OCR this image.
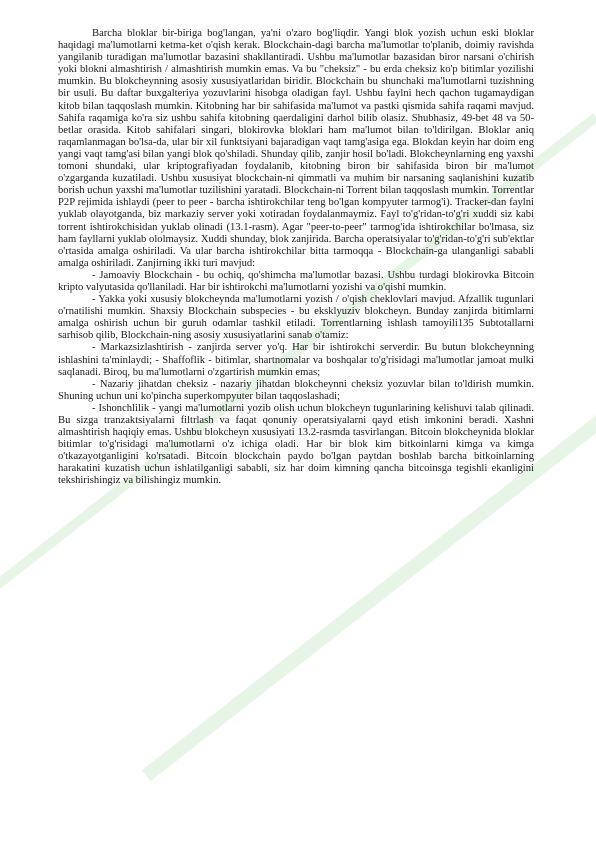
Barcha bloklar bir-biriga bog'langan, ya'ni o'zaro bog'liqdir. Yangi blok yozish uchun eski bloklar haqidagi ma'lumotlarni ketma-ket o'qish kerak. Blockchain-dagi barcha ma'lumotlar to'planib, doimiy ravishda yangilanib turadigan ma'lumotlar bazasini shakllantiradi. Ushbu ma'lumotlar bazasidan biror narsani o'chirish yoki blokni almashtirish / almashtirish mumkin emas. Va bu "cheksiz" - bu erda cheksiz ko'p bitimlar yozilishi mumkin. Bu blokcheynning asosiy xususiyatlaridan biridir. Blockchain bu shunchaki ma'lumotlarni tuzishning bir usuli. Bu daftar buxgalteriya yozuvlarini hisobga oladigan fayl. Ushbu faylni hech qachon tugamaydigan kitob bilan taqqoslash mumkin. Kitobning har bir sahifasida ma'lumot va pastki qismida sahifa raqami mavjud. Sahifa raqamiga ko'ra siz ushbu sahifa kitobning qaerdaligini darhol bilib olasiz. Shubhasiz, 49-bet 48 va 50-betlar orasida. Kitob sahifalari singari, blokirovka bloklari ham ma'lumot bilan to'ldirilgan. Bloklar aniq raqamlanmagan bo'lsa-da, ular bir xil funktsiyani bajaradigan vaqt tamg'asiga ega. Blokdan keyin har doim eng yangi vaqt tamg'asi bilan yangi blok qo'shiladi. Shunday qilib, zanjir hosil bo'ladi. Blokcheynlarning eng yaxshi tomoni shundaki, ular kriptografiyadan foydalanib, kitobning biron bir sahifasida biron bir ma'lumot o'zgarganda kuzatiladi. Ushbu xususiyat blockchain-ni qimmatli va muhim bir narsaning saqlanishini kuzatib borish uchun yaxshi ma'lumotlar tuzilishini yaratadi. Blockchain-ni Torrent bilan taqqoslash mumkin. Torrentlar P2P rejimida ishlaydi (peer to peer - barcha ishtirokchilar teng bo'lgan kompyuter tarmog'i). Tracker-dan faylni yuklab olayotganda, biz markaziy server yoki xotiradan foydalanmaymiz. Fayl to'g'ridan-to'g'ri xuddi siz kabi torrent ishtirokchisidan yuklab olinadi (13.1-rasm). Agar "peer-to-peer" tarmog'ida ishtirokchilar bo'lmasa, siz ham fayllarni yuklab ololmaysiz. Xuddi shunday, blok zanjirida. Barcha operatsiyalar to'g'ridan-to'g'ri sub'ektlar o'rtasida amalga oshiriladi. Va ular barcha ishtirokchilar bitta tarmoqqa - Blockchain-ga ulanganligi sababli amalga oshiriladi. Zanjirning ikki turi mavjud:

- Jamoaviy Blockchain - bu ochiq, qo'shimcha ma'lumotlar bazasi. Ushbu turdagi blokirovka Bitcoin kripto valyutasida qo'llaniladi. Har bir ishtirokchi ma'lumotlarni yozishi va o'qishi mumkin.

- Yakka yoki xususiy blokcheynda ma'lumotlarni yozish / o'qish cheklovlari mavjud. Afzallik tugunlari o'rnatilishi mumkin. Shaxsiy Blockchain subspecies - bu eksklyuziv blokcheyn. Bunday zanjirda bitimlarni amalga oshirish uchun bir guruh odamlar tashkil etiladi. Torrentlarning ishlash tamoyili135 Subtotallarni sarhisob qilib, Blockchain-ning asosiy xususiyatlarini sanab o'tamiz:

- Markazsizlashtirish - zanjirda server yo'q. Har bir ishtirokchi serverdir. Bu butun blokcheynning ishlashini ta'minlaydi; - Shaffoflik - bitimlar, shartnomalar va boshqalar to'g'risidagi ma'lumotlar jamoat mulki saqlanadi. Biroq, bu ma'lumotlarni o'zgartirish mumkin emas;

- Nazariy jihatdan cheksiz - nazariy jihatdan blokcheynni cheksiz yozuvlar bilan to'ldirish mumkin. Shuning uchun uni ko'pincha superkompyuter bilan taqqoslashadi;

- Ishonchlilik - yangi ma'lumotlarni yozib olish uchun blokcheyn tugunlarining kelishuvi talab qilinadi. Bu sizga tranzaktsiyalarni filtrlash va faqat qonuniy operatsiyalarni qayd etish imkonini beradi. Xashni almashtirish haqiqiy emas. Ushbu blokcheyn xususiyati 13.2-rasmda tasvirlangan. Bitcoin blokcheynida bloklar bitimlar to'g'risidagi ma'lumotlarni o'z ichiga oladi. Har bir blok kim bitkoinlarni kimga va kimga o'tkazayotganligini ko'rsatadi. Bitcoin blockchain paydo bo'lgan paytdan boshlab barcha bitkoinlarning harakatini kuzatish uchun ishlatilganligi sababli, siz har doim kimning qancha bitcoinsga tegishli ekanligini tekshirishingiz va bilishingiz mumkin.
